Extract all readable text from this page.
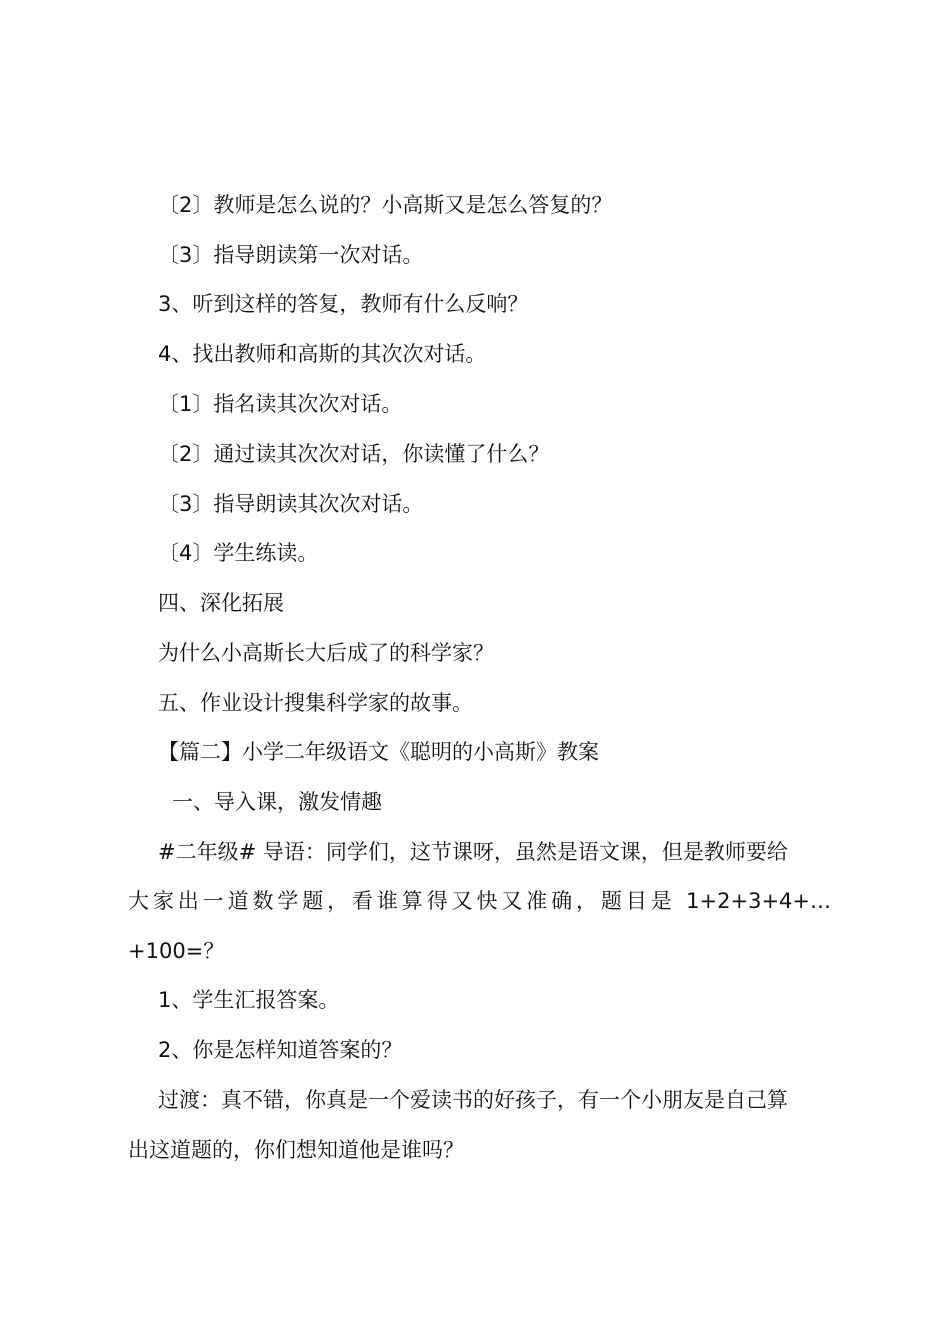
〔2〕教师是怎么说的？小高斯又是怎么答复的？
〔3〕指导朗读第一次对话。
3、听到这样的答复，教师有什么反响？
4、找出教师和高斯的其次次对话。
〔1〕指名读其次次对话。
〔2〕通过读其次次对话，你读懂了什么？
〔3〕指导朗读其次次对话。
〔4〕学生练读。
四、深化拓展
为什么小高斯长大后成了的科学家？
五、作业设计搜集科学家的故事。
【篇二】小学二年级语文《聪明的小高斯》教案
一、导入课，激发情趣
#二年级# 导语：同学们，这节课呀，虽然是语文课，但是教师要给
大家出一道数学题，看谁算得又快又准确，题目是 1+2+3+4+…
+100=？
1、学生汇报答案。
2、你是怎样知道答案的？
过渡：真不错，你真是一个爱读书的好孩子，有一个小朋友是自己算
出这道题的，你们想知道他是谁吗？
